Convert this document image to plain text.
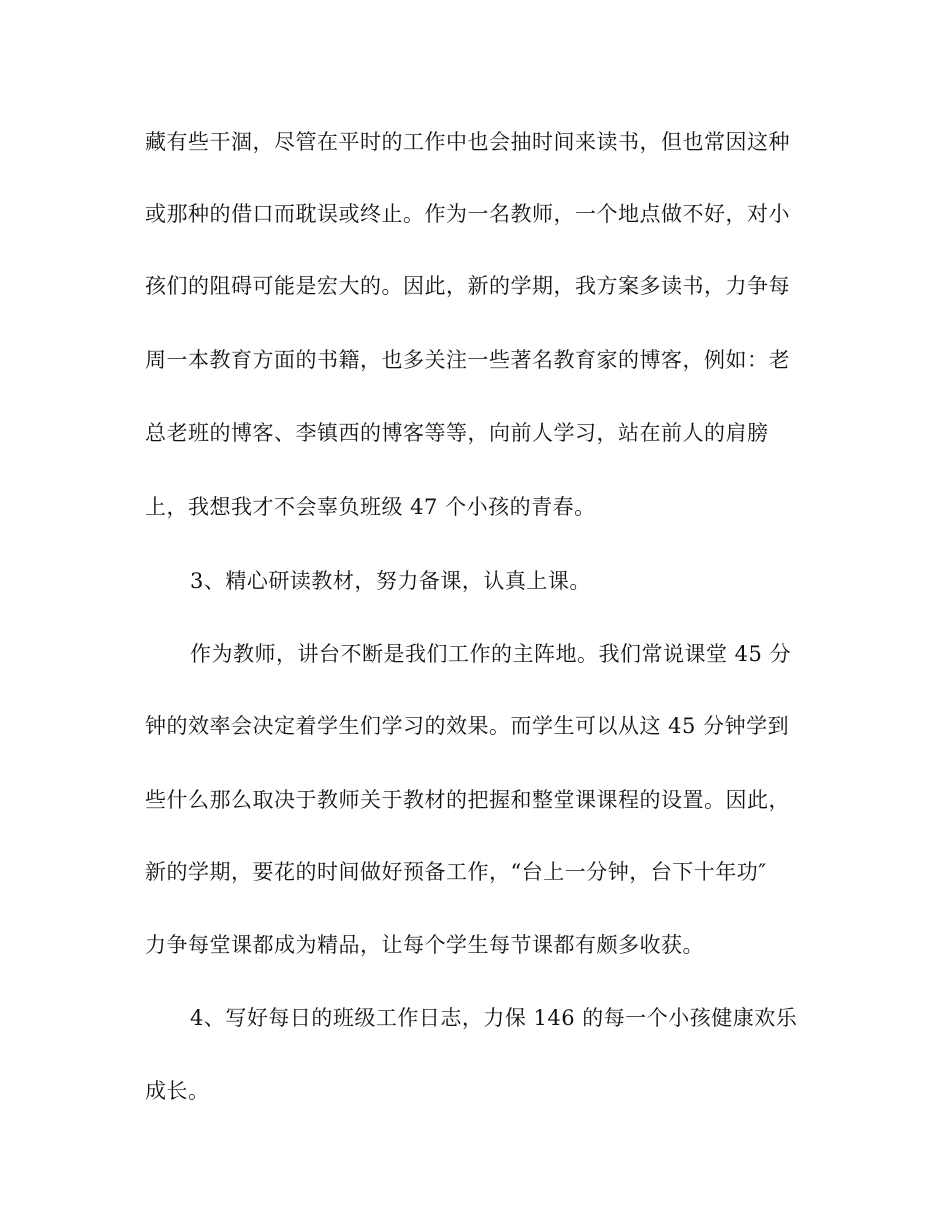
藏有些干涸，尽管在平时的工作中也会抽时间来读书，但也常因这种
或那种的借口而耽误或终止。作为一名教师，一个地点做不好，对小
孩们的阻碍可能是宏大的。因此，新的学期，我方案多读书，力争每
周一本教育方面的书籍，也多关注一些著名教育家的博客，例如：老
总老班的博客、李镇西的博客等等，向前人学习，站在前人的肩膀
上，我想我才不会辜负班级 47 个小孩的青春。
3、精心研读教材，努力备课，认真上课。
作为教师，讲台不断是我们工作的主阵地。我们常说课堂 45 分
钟的效率会决定着学生们学习的效果。而学生可以从这 45 分钟学到
些什么那么取决于教师关于教材的把握和整堂课课程的设置。因此，
新的学期，要花的时间做好预备工作，“台上一分钟，台下十年功″
力争每堂课都成为精品，让每个学生每节课都有颇多收获。
4、写好每日的班级工作日志，力保 146 的每一个小孩健康欢乐
成长。
